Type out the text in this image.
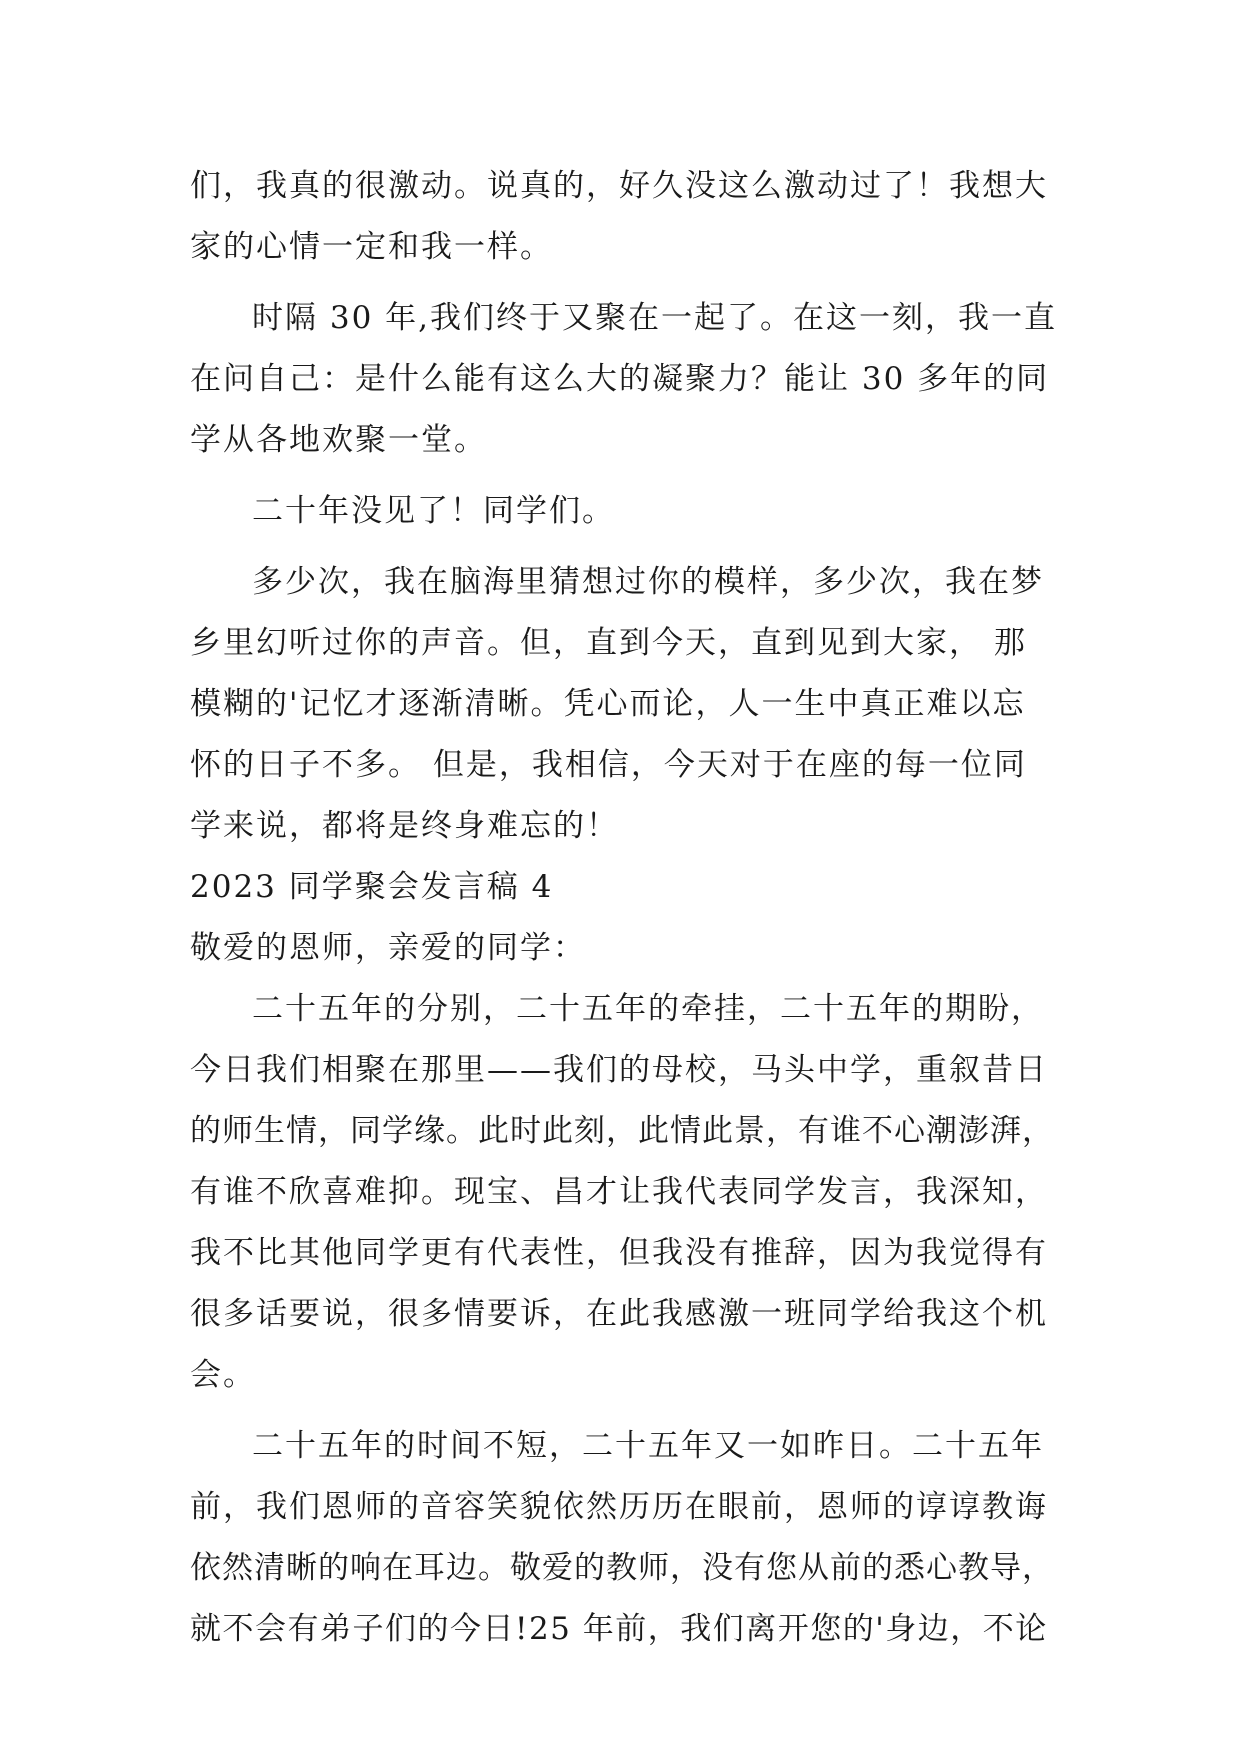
们，我真的很激动。说真的，好久没这么激动过了！我想大
家的心情一定和我一样。
时隔 30 年,我们终于又聚在一起了。在这一刻，我一直
在问自己：是什么能有这么大的凝聚力？能让 30 多年的同
学从各地欢聚一堂。
二十年没见了！同学们。
多少次，我在脑海里猜想过你的模样，多少次，我在梦
乡里幻听过你的声音。但，直到今天，直到见到大家， 那
模糊的'记忆才逐渐清晰。凭心而论，人一生中真正难以忘
怀的日子不多。 但是，我相信，今天对于在座的每一位同
学来说，都将是终身难忘的！
2023 同学聚会发言稿 4
敬爱的恩师，亲爱的同学：
二十五年的分别，二十五年的牵挂，二十五年的期盼，
今日我们相聚在那里——我们的母校，马头中学，重叙昔日
的师生情，同学缘。此时此刻，此情此景，有谁不心潮澎湃，
有谁不欣喜难抑。现宝、昌才让我代表同学发言，我深知，
我不比其他同学更有代表性，但我没有推辞，因为我觉得有
很多话要说，很多情要诉，在此我感激一班同学给我这个机
会。
二十五年的时间不短，二十五年又一如昨日。二十五年
前，我们恩师的音容笑貌依然历历在眼前，恩师的谆谆教诲
依然清晰的响在耳边。敬爱的教师，没有您从前的悉心教导，
就不会有弟子们的今日!25 年前，我们离开您的'身边，不论
